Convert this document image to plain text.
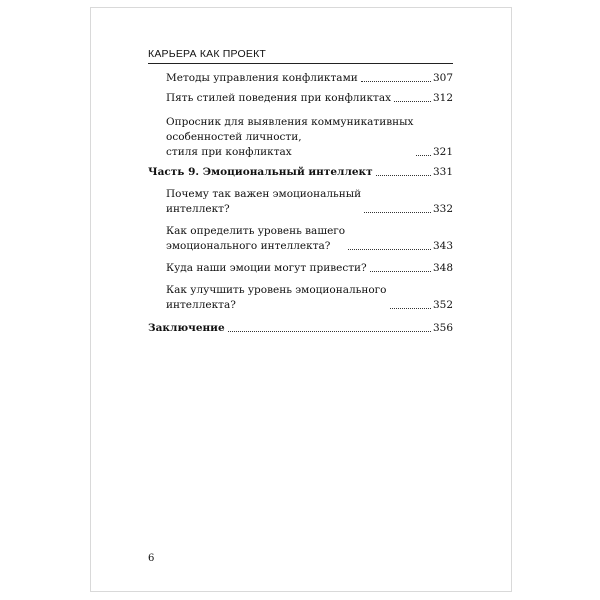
КАРЬЕРА КАК ПРОЕКТ
Методы управления конфликтами	307
Пять стилей поведения при конфликтах	312
Опросник для выявления коммуникативных
особенностей личности,
стиля при конфликтах	321
Часть 9. Эмоциональный интеллект	331
Почему так важен эмоциональный
интеллект?	332
Как определить уровень вашего
эмоционального интеллекта?	343
Куда наши эмоции могут привести?	348
Как улучшить уровень эмоционального
интеллекта?	352
Заключение	356
6
